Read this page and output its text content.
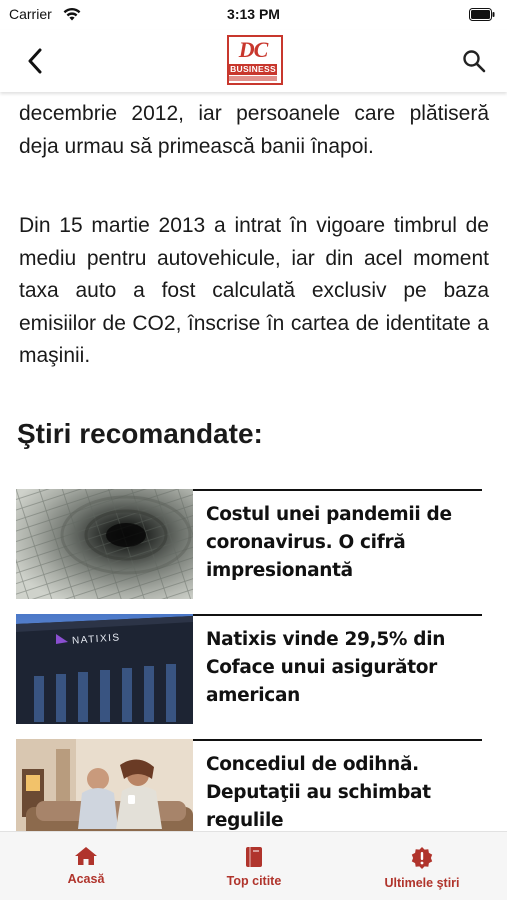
Carrier	3:13 PM
DC
BUSINESS

decembrie 2012, iar persoanele care plătiseră deja urmau să primească banii înapoi.

Din 15 martie 2013 a intrat în vigoare timbrul de mediu pentru autovehicule, iar din acel moment taxa auto a fost calculată exclusiv pe baza emisiilor de CO2, înscrise în cartea de identitate a maşinii.

Ştiri recomandate:
Costul unei pandemii de coronavirus. O cifră impresionantă
NATIXIS	Natixis vinde 29,5% din Coface unui asigurător american
Concediul de odihnă. Deputaţii au schimbat regulile
Acasă	Top citite	Ultimele ştiri
